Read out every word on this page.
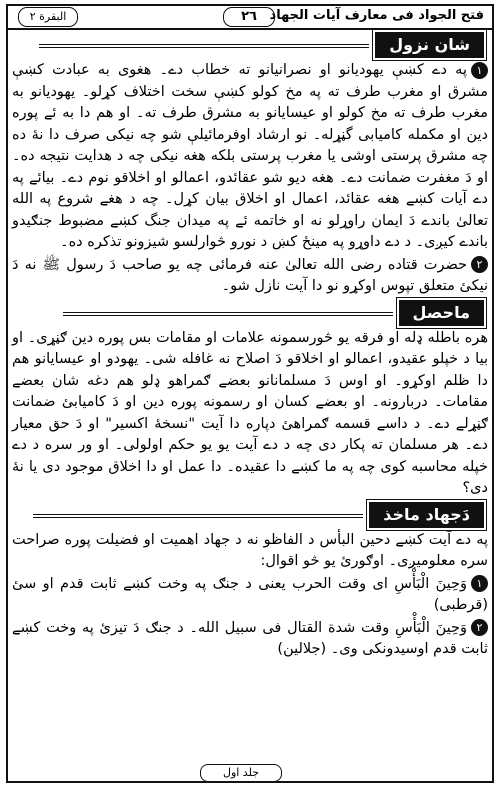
فتح الجواد فی معارف آیات الجهاد
٢٦
البقرة ٢
شان نزول

١په دے کښې یهودیانو او نصرانیانو ته خطاب دے۔ هغوی به عبادت کښې مشرق او مغرب طرف ته په مخ کولو کښې سخت اختلاف کړلو۔ یهودیانو به مغرب طرف ته مخ کولو او عیسایانو به مشرق طرف ته۔ او هم دا به ئے پوره دین او مکمله کامیابی گڼړله۔ نو ارشاد اوفرمائیلې شو چه نیکی صرف دا نۀ ده چه مشرق پرستی اوشی یا مغرب پرستی بلکه هغه نیکی چه د هدایت نتیجه ده۔ او دَ مغفرت ضمانت دے۔ هغه دیو شو عقائدو، اعمالو او اخلاقو نوم دے۔ بیائے په دے آیات کښے هغه عقائد، اعمال او اخلاق بیان کړل۔ چه د هغے شروع په الله تعالیٰ باندے دَ ایمان راوړلو نه او خاتمه ئے په میدان جنگ کښے مضبوط جنګیدو باندے کیږی۔ د دے داوړو په مینځ کښ د نورو څوارلسو شیزونو تذکره ده۔

٢حضرت قتاده رضی الله تعالیٰ عنه فرمائی چه یو صاحب دَ رسول ﷺ نه دَ نیکیٔ متعلق تپوس اوکړو نو دا آیت نازل شو۔

ماحصل

هره باطله ډله او فرقه یو څورسمونه علامات او مقامات بس پوره دین ګڼړی۔ او بیا د خپلو عقیدو، اعمالو او اخلاقو دَ اصلاح نه غافله شی۔ یهودو او عیسایانو هم دا ظلم اوکړو۔ او اوس دَ مسلمانانو بعضے ګمراهو ډلو هم دغه شان بعضے مقامات۔ دربارونه۔ او بعضے کسان او رسمونه پوره دین او دَ کامیابیٔ ضمانت ګڼړلے دے۔ د داسے قسمه ګمراهیٔ دپاره دا آیت "نسخهٔ اکسیر" او دَ حق معیار دے۔ هر مسلمان ته پکار دی چه د دے آیت یو یو حکم اولولی۔ او ور سره د دے خپله محاسبه کوی چه په ما کښے دا عقیده۔ دا عمل او دا اخلاق موجود دی یا نۀ دی؟

دَجهاد ماخذ

په دے آیت کښے دحین البأس د الفاظو نه د جهاد اهمیت او فضیلت پوره صراحت سره معلومیږی۔ اوګوریٔ یو څو اقوال:

١وَحِينَ الْبَأْسِ ای وقت الحرب یعنی د جنګ په وخت کښے ثابت قدم او سیٔ (قرطبی)

٢وَحِينَ الْبَأْسِ وقت شدة القتال فی سبیل الله۔ د جنګ دَ تیزیٔ په وخت کښے ثابت قدم اوسیدونکی وی۔ (جلالین)

جلد اول
